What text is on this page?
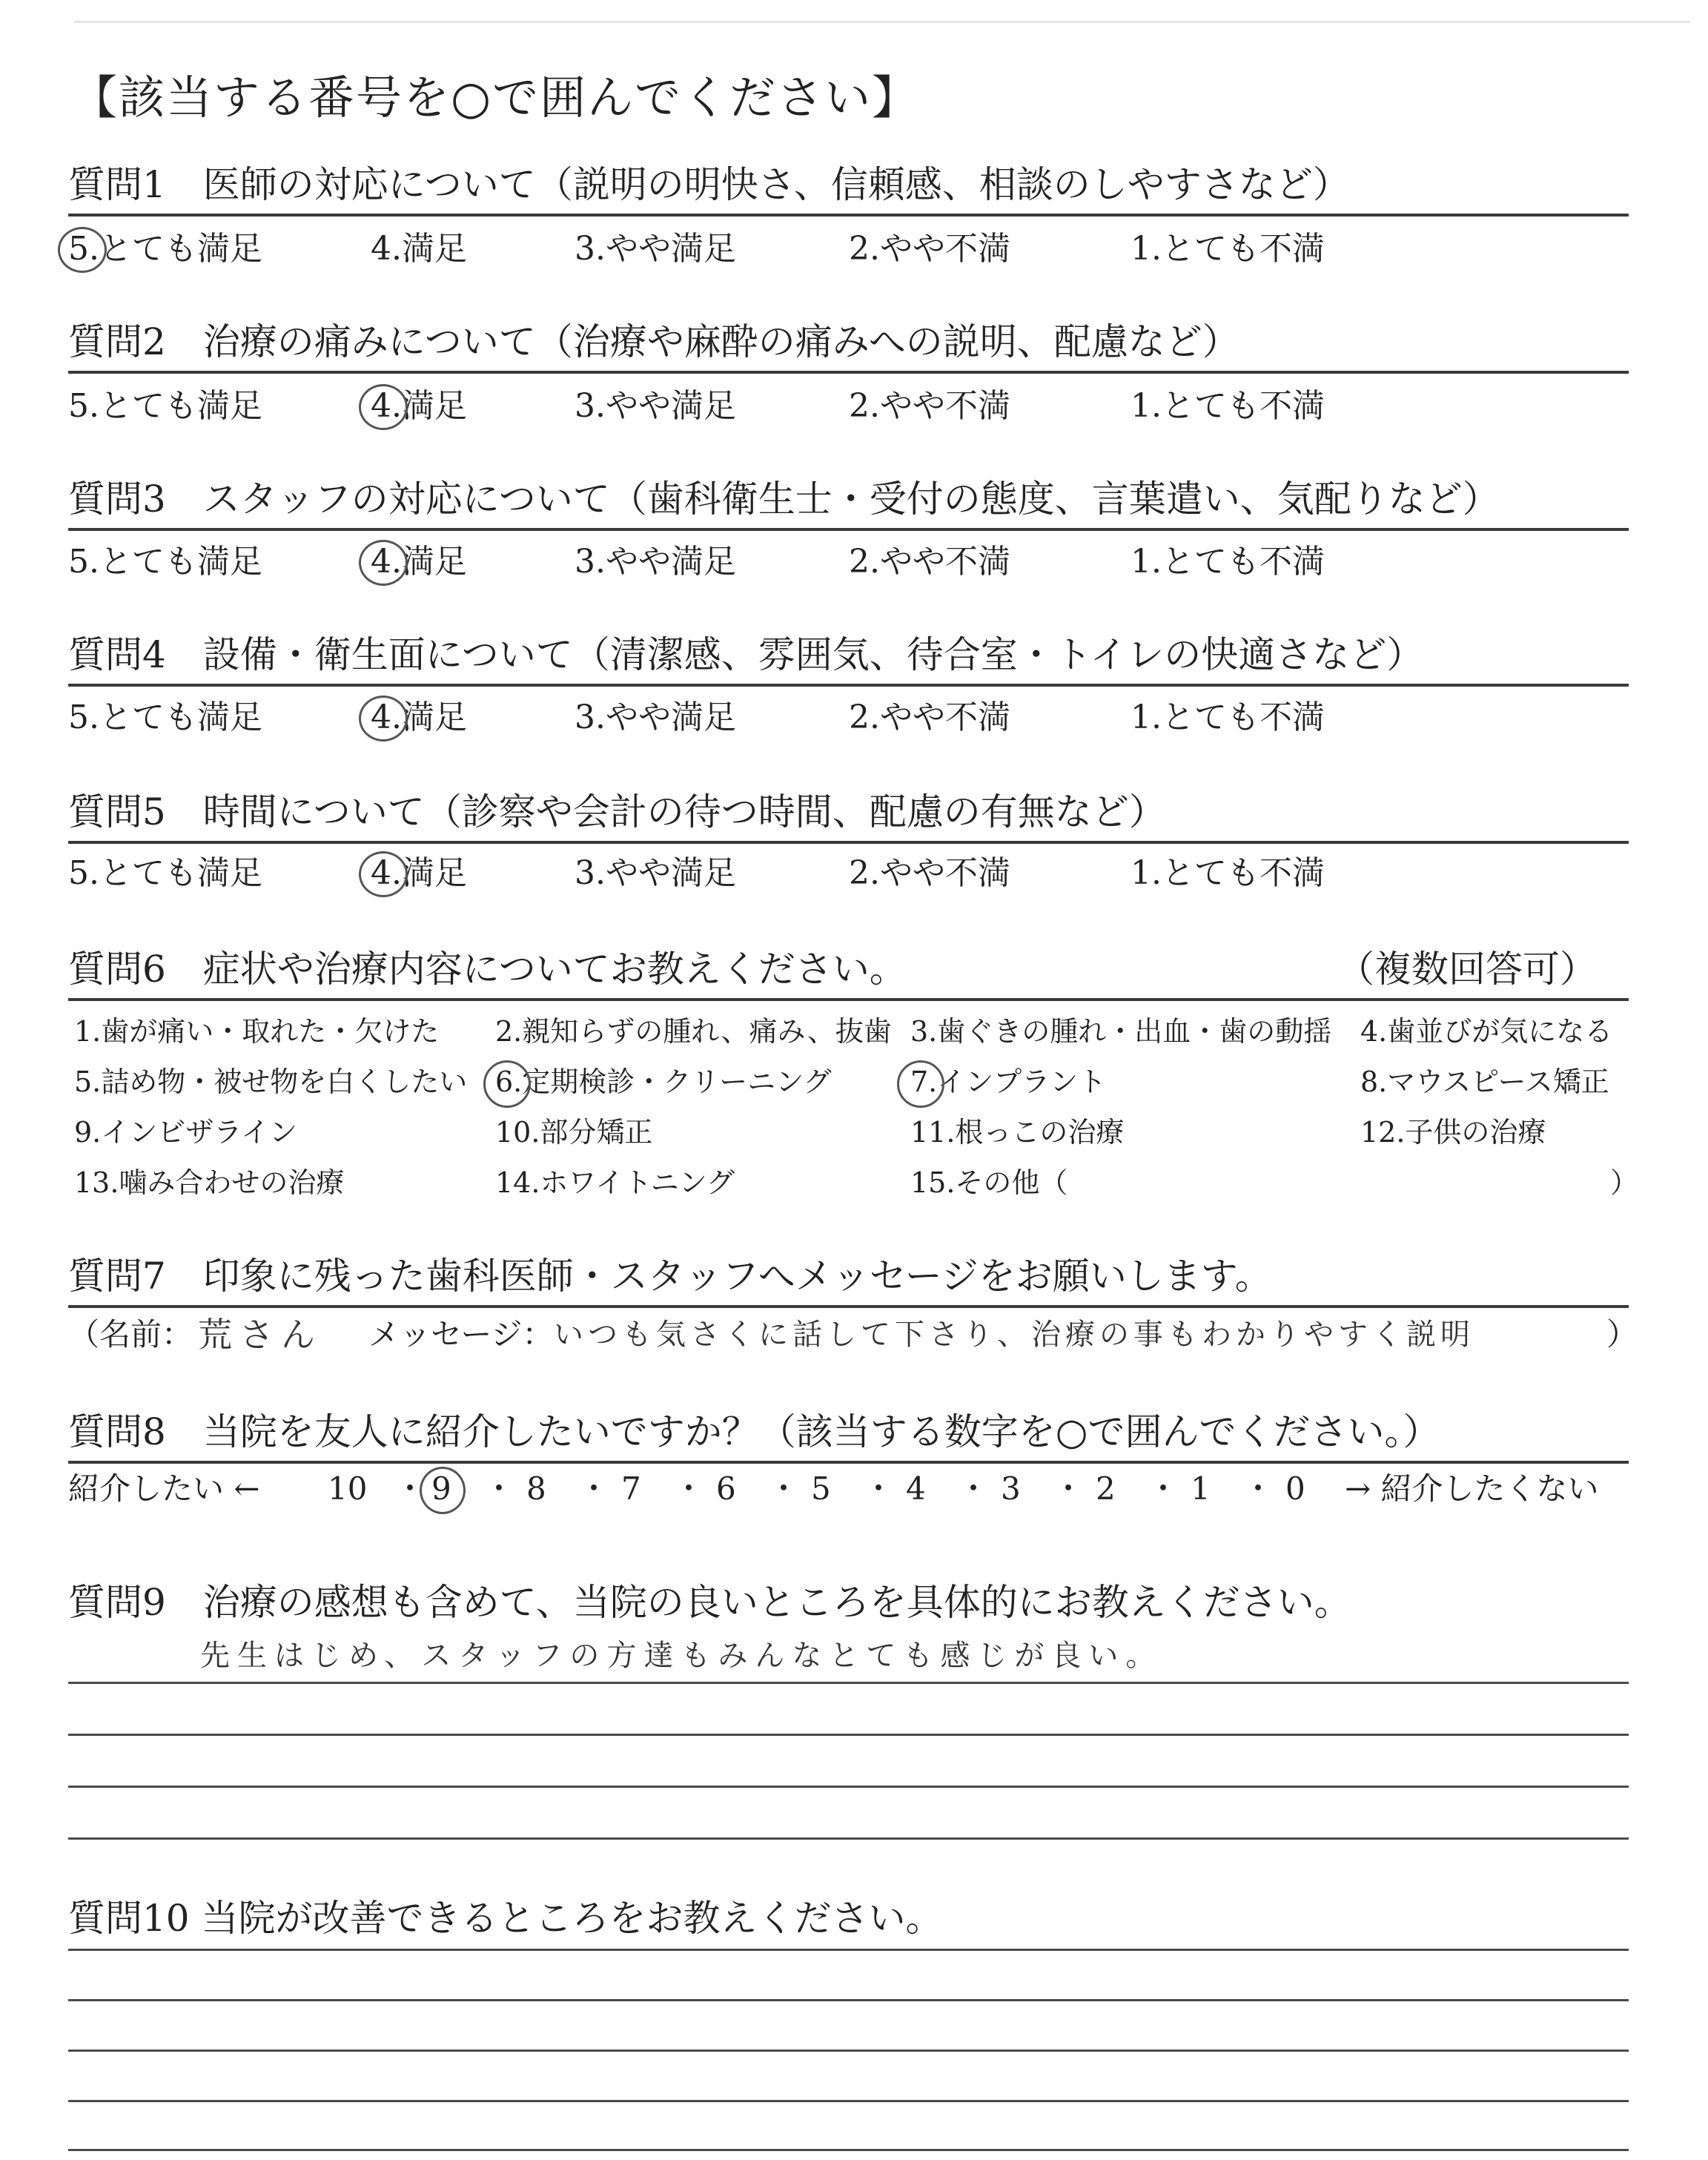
【該当する番号を○で囲んでください】
質問1　医師の対応について（説明の明快さ、信頼感、相談のしやすさなど）
5.とても満足	4.満足	3.やや満足	2.やや不満	1.とても不満
質問2　治療の痛みについて（治療や麻酔の痛みへの説明、配慮など）
5.とても満足	4.満足	3.やや満足	2.やや不満	1.とても不満
質問3　スタッフの対応について（歯科衛生士・受付の態度、言葉遣い、気配りなど）
5.とても満足	4.満足	3.やや満足	2.やや不満	1.とても不満
質問4　設備・衛生面について（清潔感、雰囲気、待合室・トイレの快適さなど）
5.とても満足	4.満足	3.やや満足	2.やや不満	1.とても不満
質問5　時間について（診察や会計の待つ時間、配慮の有無など）
5.とても満足	4.満足	3.やや満足	2.やや不満	1.とても不満
質問6　症状や治療内容についてお教えください。	（複数回答可）
1.歯が痛い・取れた・欠けた 2.親知らずの腫れ、痛み、抜歯 3.歯ぐきの腫れ・出血・歯の動揺 4.歯並びが気になる
5.詰め物・被せ物を白くしたい 6.定期検診・クリーニング	7.インプラント	8.マウスピース矯正
9.インビザライン	10.部分矯正	11.根っこの治療	12.子供の治療
13.噛み合わせの治療	14.ホワイトニング	15.その他（	）
質問7　印象に残った歯科医師・スタッフへメッセージをお願いします。
（名前： 荒さん メッセージ： いつも気さくに話して下さり、治療の事もわかりやすく説明	）
質問8　当院を友人に紹介したいですか？（該当する数字を○で囲んでください。）
紹介したい ← 10 ・ 9 ・ 8 ・ 7 ・ 6 ・ 5 ・ 4 ・ 3 ・ 2 ・ 1 ・ 0 → 紹介したくない
質問9　治療の感想も含めて、当院の良いところを具体的にお教えください。
先生はじめ、スタッフの方達もみんなとても感じが良い。
質問10 当院が改善できるところをお教えください。
